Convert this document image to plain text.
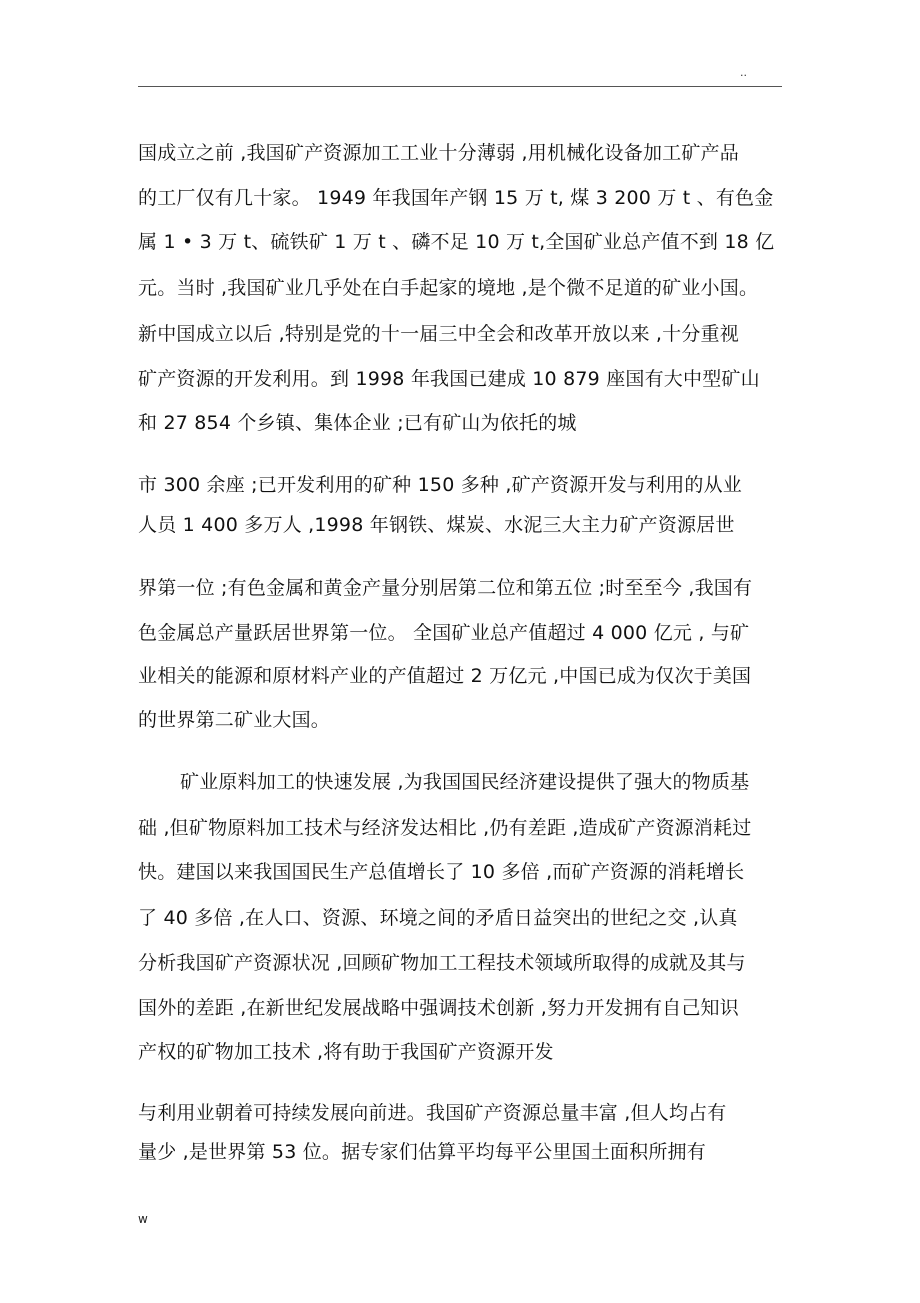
..
国成立之前 ,我国矿产资源加工工业十分薄弱 ,用机械化设备加工矿产品
的工厂仅有几十家。 1949 年我国年产钢 15 万 t, 煤 3 200 万 t 、有色金
属 1 • 3 万 t、硫铁矿 1 万 t 、磷不足 10 万 t,全国矿业总产值不到 18 亿
元。当时 ,我国矿业几乎处在白手起家的境地 ,是个微不足道的矿业小国。
新中国成立以后 ,特别是党的十一届三中全会和改革开放以来 ,十分重视
矿产资源的开发利用。到 1998 年我国已建成 10 879 座国有大中型矿山
和 27 854 个乡镇、集体企业 ;已有矿山为依托的城
市 300 余座 ;已开发利用的矿种 150 多种 ,矿产资源开发与利用的从业
人员 1 400 多万人 ,1998 年钢铁、煤炭、水泥三大主力矿产资源居世
界第一位 ;有色金属和黄金产量分别居第二位和第五位 ;时至至今 ,我国有
色金属总产量跃居世界第一位。 全国矿业总产值超过 4 000 亿元 , 与矿
业相关的能源和原材料产业的产值超过 2 万亿元 ,中国已成为仅次于美国
的世界第二矿业大国。
矿业原料加工的快速发展 ,为我国国民经济建设提供了强大的物质基
础 ,但矿物原料加工技术与经济发达相比 ,仍有差距 ,造成矿产资源消耗过
快。建国以来我国国民生产总值增长了 10 多倍 ,而矿产资源的消耗增长
了 40 多倍 ,在人口、资源、环境之间的矛盾日益突出的世纪之交 ,认真
分析我国矿产资源状况 ,回顾矿物加工工程技术领域所取得的成就及其与
国外的差距 ,在新世纪发展战略中强调技术创新 ,努力开发拥有自己知识
产权的矿物加工技术 ,将有助于我国矿产资源开发
与利用业朝着可持续发展向前进。我国矿产资源总量丰富 ,但人均占有
量少 ,是世界第 53 位。据专家们估算平均每平公里国土面积所拥有
w
